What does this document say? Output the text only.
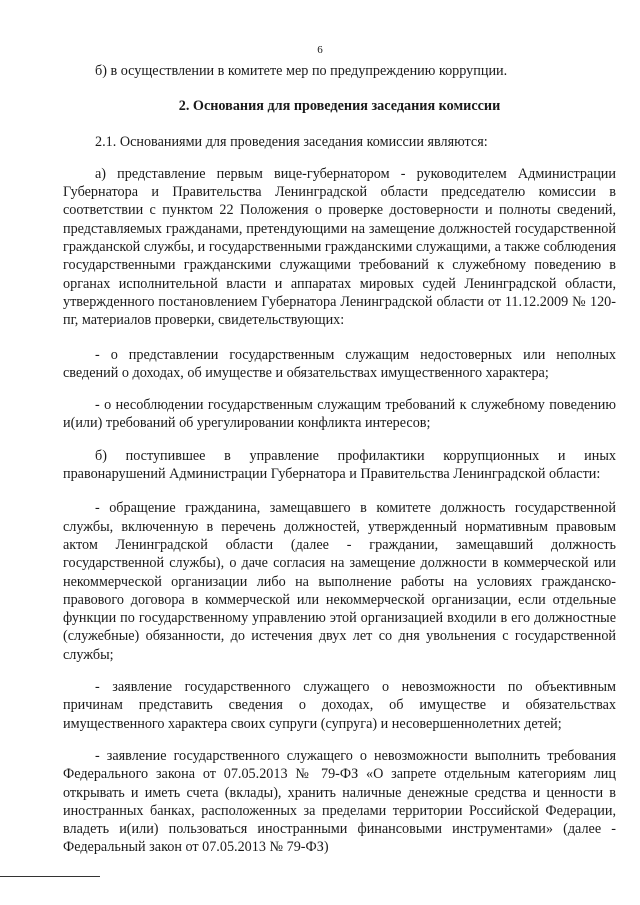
6

б) в осуществлении в комитете мер по предупреждению коррупции.

2. Основания для проведения заседания комиссии

2.1. Основаниями для проведения заседания комиссии являются:

а) представление первым вице-губернатором - руководителем Администрации Губернатора и Правительства Ленинградской области председателю комиссии в соответствии с пунктом 22 Положения о проверке достоверности и полноты сведений, представляемых гражданами, претендующими на замещение должностей государственной гражданской службы, и государственными гражданскими служащими, а также соблюдения государственными гражданскими служащими требований к служебному поведению в органах исполнительной власти и аппаратах мировых судей Ленинградской области, утвержденного постановлением Губернатора Ленинградской области от 11.12.2009 № 120-пг, материалов проверки, свидетельствующих:

- о представлении государственным служащим недостоверных или неполных сведений о доходах, об имуществе и обязательствах имущественного характера;

- о несоблюдении государственным служащим требований к служебному поведению и(или) требований об урегулировании конфликта интересов;

б) поступившее в управление профилактики коррупционных и иных правонарушений Администрации Губернатора и Правительства Ленинградской области:

- обращение гражданина, замещавшего в комитете должность государственной службы, включенную в перечень должностей, утвержденный нормативным правовым актом Ленинградской области (далее - граждании, замещавший должность государственной службы), о даче согласия на замещение должности в коммерческой или некоммерческой организации либо на выполнение работы на условиях гражданско-правового договора в коммерческой или некоммерческой организации, если отдельные функции по государственному управлению этой организацией входили в его должностные (служебные) обязанности, до истечения двух лет со дня увольнения с государственной службы;

- заявление государственного служащего о невозможности по объективным причинам представить сведения о доходах, об имуществе и обязательствах имущественного характера своих супруги (супруга) и несовершеннолетних детей;

- заявление государственного служащего о невозможности выполнить требования Федерального закона от 07.05.2013 № 79-ФЗ «О запрете отдельным категориям лиц открывать и иметь счета (вклады), хранить наличные денежные средства и ценности в иностранных банках, расположенных за пределами территории Российской Федерации, владеть и(или) пользоваться иностранными финансовыми инструментами» (далее - Федеральный закон от 07.05.2013 № 79-ФЗ)
